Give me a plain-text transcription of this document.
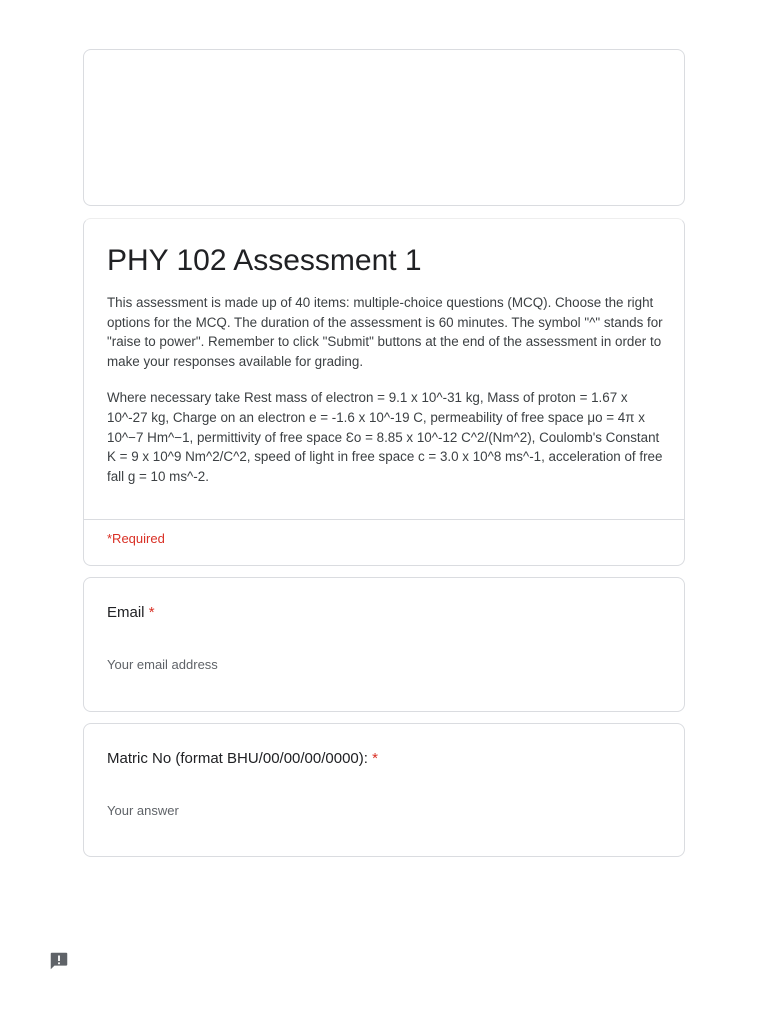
PHY 102 Assessment 1

This assessment is made up of 40 items: multiple-choice questions (MCQ). Choose the right options for the MCQ. The duration of the assessment is 60 minutes. The symbol "^" stands for "raise to power". Remember to click "Submit" buttons at the end of the assessment in order to make your responses available for grading.

Where necessary take Rest mass of electron = 9.1 x 10^-31 kg, Mass of proton = 1.67 x 10^-27 kg, Charge on an electron e = -1.6 x 10^-19 C, permeability of free space μo = 4π x 10^−7 Hm^−1, permittivity of free space Ɛo = 8.85 x 10^-12 C^2/(Nm^2), Coulomb's Constant K = 9 x 10^9 Nm^2/C^2, speed of light in free space c = 3.0 x 10^8 ms^-1, acceleration of free fall g = 10 ms^-2.

*Required
Email *
Your email address
Matric No (format BHU/00/00/00/0000): *
Your answer
